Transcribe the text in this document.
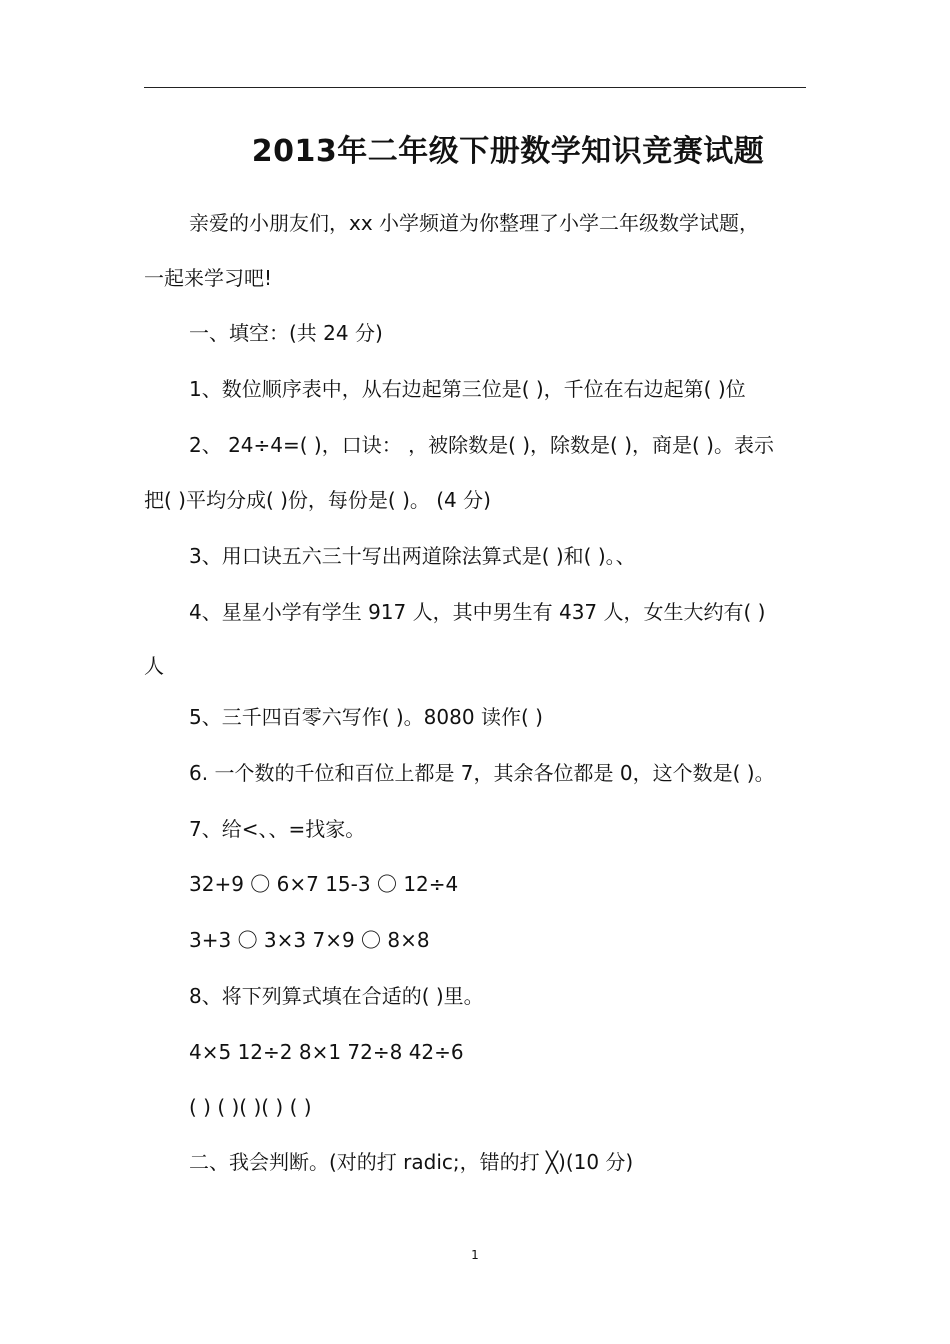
2013年二年级下册数学知识竞赛试题
亲爱的小朋友们，xx 小学频道为你整理了小学二年级数学试题，
一起来学习吧!
一、填空：(共 24 分)
1、数位顺序表中，从右边起第三位是( )，千位在右边起第( )位
2、 24÷4=( )，口诀： ，被除数是( )，除数是( )，商是( )。表示
把( )平均分成( )份，每份是( )。 (4 分)
3、用口诀五六三十写出两道除法算式是( )和( )。、
4、星星小学有学生 917 人，其中男生有 437 人，女生大约有( )
人
5、三千四百零六写作( )。8080 读作( )
6. 一个数的千位和百位上都是 7，其余各位都是 0，这个数是( )。
7、给<、、=找家。
32+9 〇 6×7 15-3 〇 12÷4
3+3 〇 3×3 7×9 〇 8×8
8、将下列算式填在合适的( )里。
4×5 12÷2 8×1 72÷8 42÷6
( ) ( )( )( ) ( )
二、我会判断。(对的打 radic;，错的打 ╳)(10 分)
1
